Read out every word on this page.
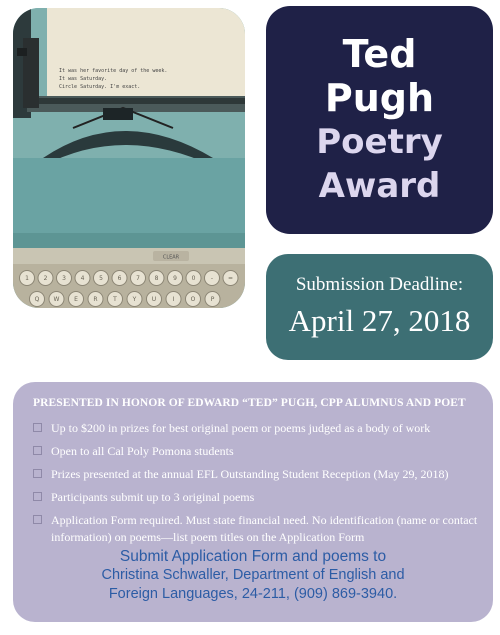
It was her favorite day of the week.
It was Saturday.
Circle Saturday. I'm exact.
CLEAR
1 2 3 4 5 6 7 8 9 0	- =
Q W E	R	T	Y	U	I	O	P
Ted
Pugh
Poetry
Award
Submission Deadline:
April 27, 2018
PRESENTED IN HONOR OF EDWARD “TED” PUGH, CPP ALUMNUS AND POET
Up to $200 in prizes for best original poem or poems judged as a body of work
Open to all Cal Poly Pomona students
Prizes presented at the annual EFL Outstanding Student Reception (May 29, 2018)
Participants submit up to 3 original poems
Application Form required. Must state financial need. No identification (name or contact information) on poems—list poem titles on the Application Form
Submit Application Form and poems to
Christina Schwaller, Department of English and
Foreign Languages, 24-211, (909) 869-3940.
